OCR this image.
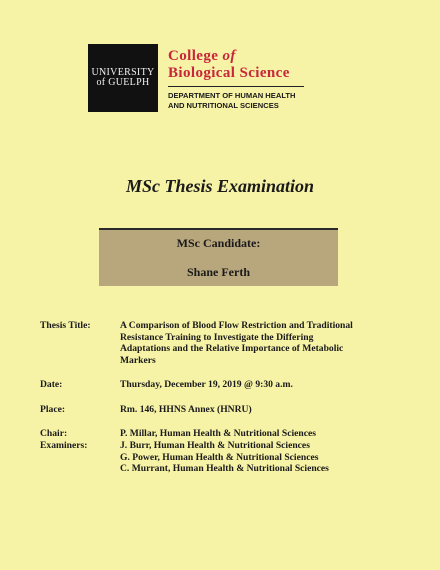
UNIVERSITY
of GUELPH
College of
Biological Science
DEPARTMENT OF HUMAN HEALTH
AND NUTRITIONAL SCIENCES
MSc Thesis Examination
MSc Candidate:
Shane Ferth
Thesis Title:	A Comparison of Blood Flow Restriction and Traditional
Resistance Training to Investigate the Differing
Adaptations and the Relative Importance of Metabolic
Markers
Date:	Thursday, December 19, 2019 @ 9:30 a.m.
Place:	Rm. 146, HHNS Annex (HNRU)
Chair:	P. Millar, Human Health & Nutritional Sciences
Examiners:	J. Burr, Human Health & Nutritional Sciences
G. Power, Human Health & Nutritional Sciences
C. Murrant, Human Health & Nutritional Sciences
